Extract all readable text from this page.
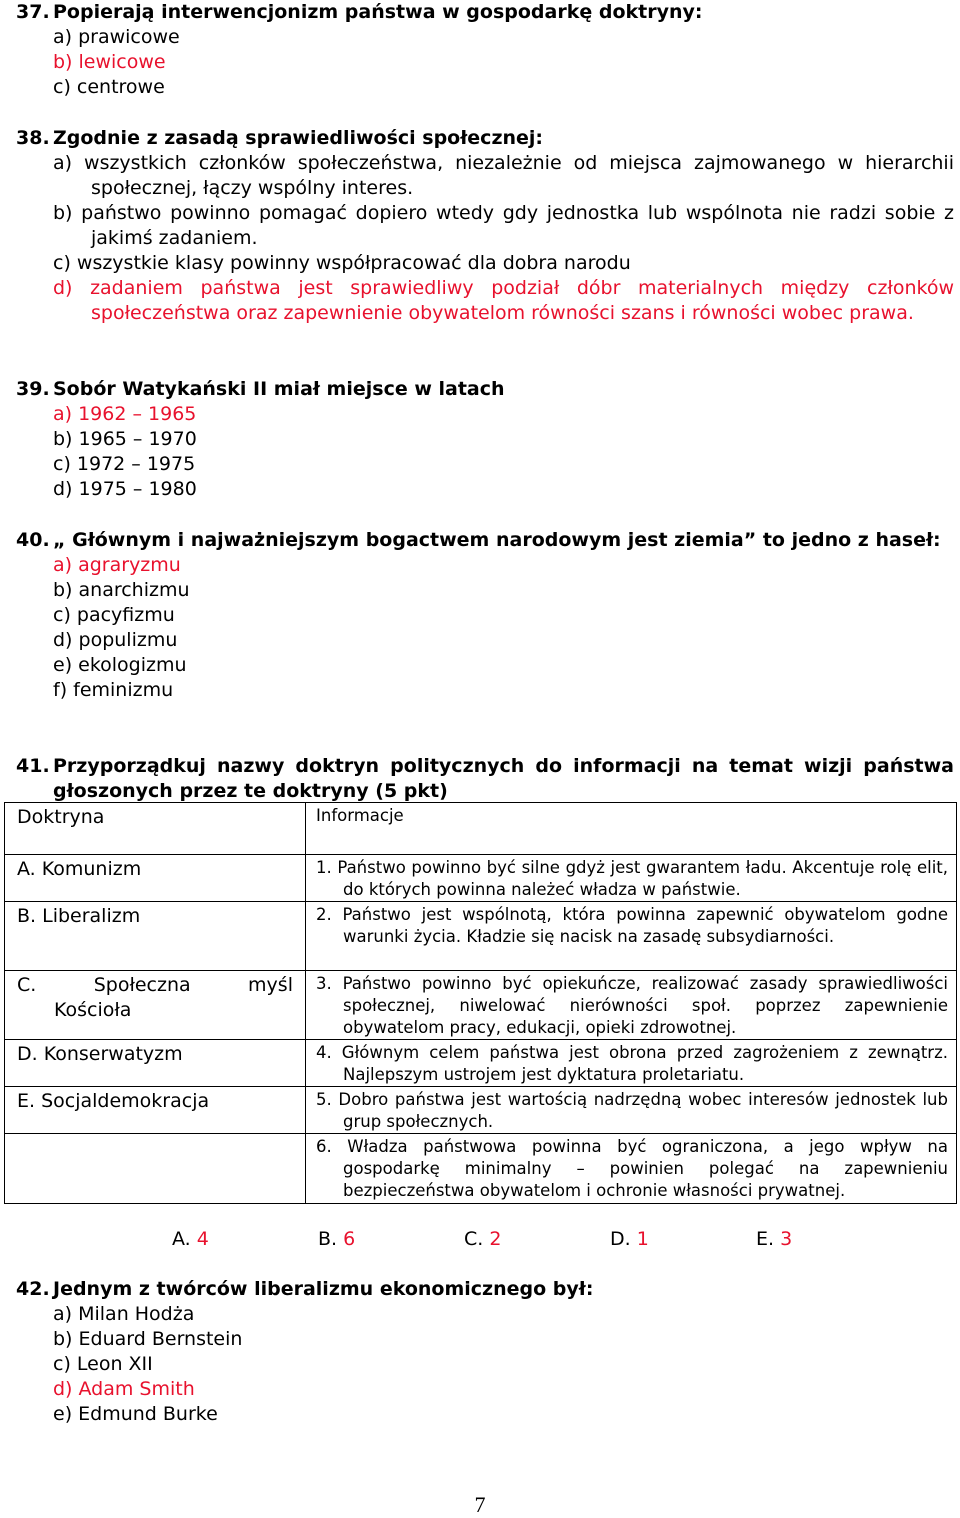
37. Popierają interwencjonizm państwa w gospodarkę doktryny:
a) prawicowe
b) lewicowe
c) centrowe
38. Zgodnie z zasadą sprawiedliwości społecznej:
a) wszystkich członków społeczeństwa, niezależnie od miejsca zajmowanego w hierarchii społecznej, łączy wspólny interes.
b) państwo powinno pomagać dopiero wtedy gdy jednostka lub wspólnota nie radzi sobie z jakimś zadaniem.
c) wszystkie klasy powinny współpracować dla dobra narodu
d) zadaniem państwa jest sprawiedliwy podział dóbr materialnych między członków społeczeństwa oraz zapewnienie obywatelom równości szans i równości wobec prawa.
39. Sobór Watykański II miał miejsce w latach
a) 1962 – 1965
b) 1965 – 1970
c) 1972 – 1975
d) 1975 – 1980
40. „ Głównym i najważniejszym bogactwem narodowym jest ziemia” to jedno z haseł:
a) agraryzmu
b) anarchizmu
c) pacyfizmu
d) populizmu
e) ekologizmu
f) feminizmu
41. Przyporządkuj nazwy doktryn politycznych do informacji na temat wizji państwa głoszonych przez te doktryny (5 pkt)
Doktryna	Informacje
A. Komunizm	1. Państwo powinno być silne gdyż jest gwarantem ładu. Akcentuje rolę elit, do których powinna należeć władza w państwie.

B. Liberalizm	2. Państwo jest wspólnotą, która powinna zapewnić obywatelom godne warunki życia. Kładzie się nacisk na zasadę subsydiarności.

C. Społeczna myśl
Kościoła	3. Państwo powinno być opiekuńcze, realizować zasady sprawiedliwości społecznej, niwelować nierówności społ. poprzez zapewnienie obywatelom pracy, edukacji, opieki zdrowotnej.

D. Konserwatyzm	4. Głównym celem państwa jest obrona przed zagrożeniem z zewnątrz. Najlepszym ustrojem jest dyktatura proletariatu.

E. Socjaldemokracja	5. Dobro państwa jest wartością nadrzędną wobec interesów jednostek lub grup społecznych.

	6. Władza państwowa powinna być ograniczona, a jego wpływ na gospodarkę minimalny – powinien polegać na zapewnieniu bezpieczeństwa obywatelom i ochronie własności prywatnej.
A. 4	B. 6	C. 2	D. 1	E. 3
42. Jednym z twórców liberalizmu ekonomicznego był:
a) Milan Hodża
b) Eduard Bernstein
c) Leon XII
d) Adam Smith
e) Edmund Burke
7
